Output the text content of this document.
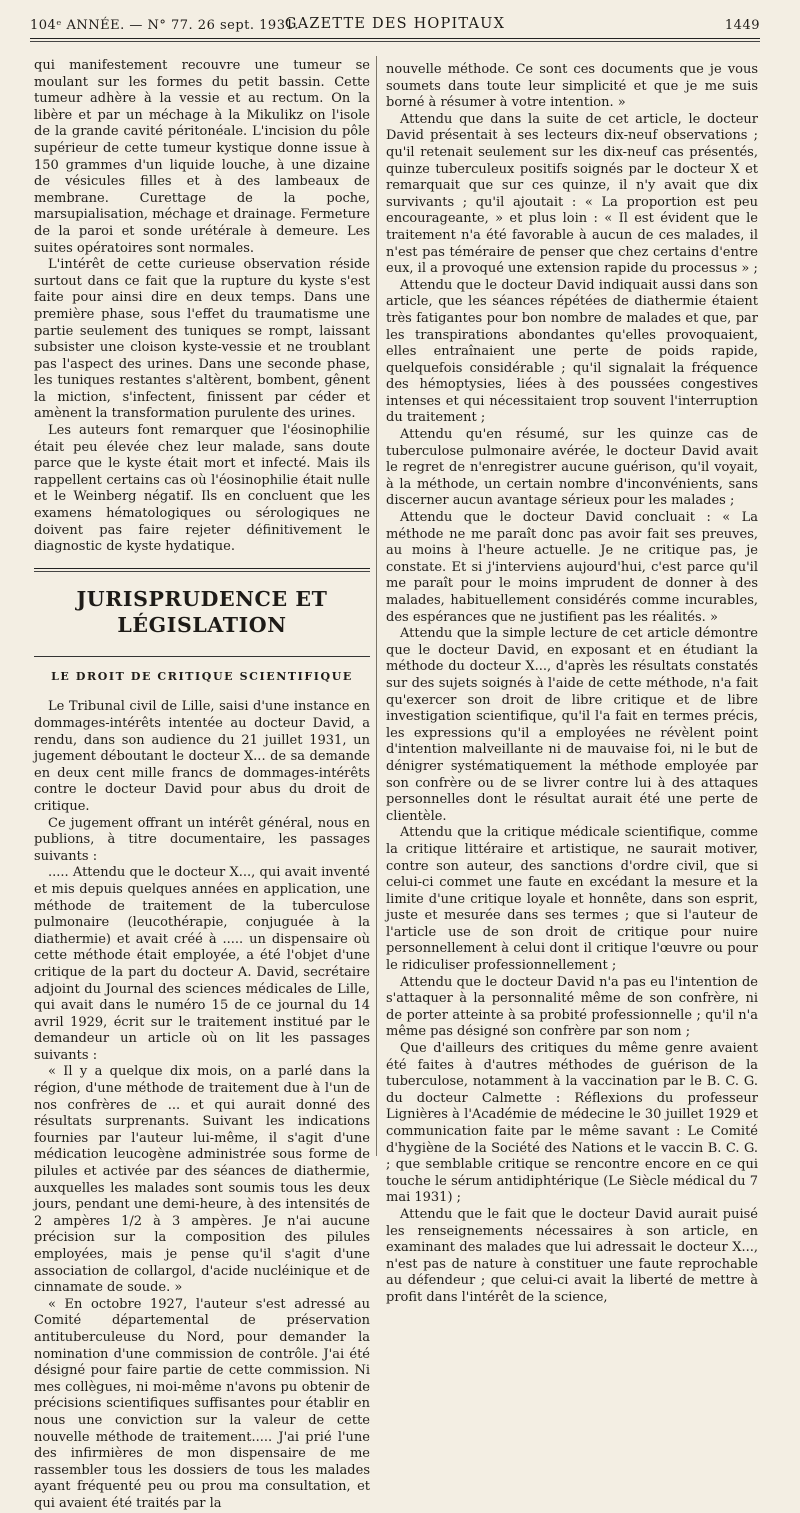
104ᵉ ANNÉE. — N° 77. 26 sept. 1931.
GAZETTE DES HOPITAUX	1449

qui manifestement recouvre une tumeur se moulant sur les formes du petit bassin. Cette tumeur adhère à la vessie et au rectum. On la libère et par un méchage à la Mikulikz on l'isole de la grande cavité péritonéale. L'incision du pôle supérieur de cette tumeur kystique donne issue à 150 grammes d'un liquide louche, à une dizaine de vésicules filles et à des lambeaux de membrane. Curettage de la poche, marsupialisation, méchage et drainage. Fermeture de la paroi et sonde urétérale à demeure. Les suites opératoires sont normales.

L'intérêt de cette curieuse observation réside surtout dans ce fait que la rupture du kyste s'est faite pour ainsi dire en deux temps. Dans une première phase, sous l'effet du traumatisme une partie seulement des tuniques se rompt, laissant subsister une cloison kyste-vessie et ne troublant pas l'aspect des urines. Dans une seconde phase, les tuniques restantes s'altèrent, bombent, gênent la miction, s'infectent, finissent par céder et amènent la transformation purulente des urines.

Les auteurs font remarquer que l'éosinophilie était peu élevée chez leur malade, sans doute parce que le kyste était mort et infecté. Mais ils rappellent certains cas où l'éosinophilie était nulle et le Weinberg négatif. Ils en concluent que les examens hématologiques ou sérologiques ne doivent pas faire rejeter définitivement le diagnostic de kyste hydatique.

JURISPRUDENCE ET LÉGISLATION
LE DROIT DE CRITIQUE SCIENTIFIQUE

Le Tribunal civil de Lille, saisi d'une instance en dommages-intérêts intentée au docteur David, a rendu, dans son audience du 21 juillet 1931, un jugement déboutant le docteur X... de sa demande en deux cent mille francs de dommages-intérêts contre le docteur David pour abus du droit de critique.

Ce jugement offrant un intérêt général, nous en publions, à titre documentaire, les passages suivants :

..... Attendu que le docteur X..., qui avait inventé et mis depuis quelques années en application, une méthode de traitement de la tuberculose pulmonaire (leucothérapie, conjuguée à la diathermie) et avait créé à ..... un dispensaire où cette méthode était employée, a été l'objet d'une critique de la part du docteur A. David, secrétaire adjoint du Journal des sciences médicales de Lille, qui avait dans le numéro 15 de ce journal du 14 avril 1929, écrit sur le traitement institué par le demandeur un article où on lit les passages suivants :

« Il y a quelque dix mois, on a parlé dans la région, d'une méthode de traitement due à l'un de nos confrères de ... et qui aurait donné des résultats surprenants. Suivant les indications fournies par l'auteur lui-même, il s'agit d'une médication leucogène administrée sous forme de pilules et activée par des séances de diathermie, auxquelles les malades sont soumis tous les deux jours, pendant une demi-heure, à des intensités de 2 ampères 1/2 à 3 ampères. Je n'ai aucune précision sur la composition des pilules employées, mais je pense qu'il s'agit d'une association de collargol, d'acide nucléinique et de cinnamate de soude. »

« En octobre 1927, l'auteur s'est adressé au Comité départemental de préservation antituberculeuse du Nord, pour demander la nomination d'une commission de contrôle. J'ai été désigné pour faire partie de cette commission. Ni mes collègues, ni moi-même n'avons pu obtenir de précisions scientifiques suffisantes pour établir en nous une conviction sur la valeur de cette nouvelle méthode de traitement..... J'ai prié l'une des infirmières de mon dispensaire de me rassembler tous les dossiers de tous les malades ayant fréquenté peu ou prou ma consultation, et qui avaient été traités par la

nouvelle méthode. Ce sont ces documents que je vous soumets dans toute leur simplicité et que je me suis borné à résumer à votre intention. »

Attendu que dans la suite de cet article, le docteur David présentait à ses lecteurs dix-neuf observations ; qu'il retenait seulement sur les dix-neuf cas présentés, quinze tuberculeux positifs soignés par le docteur X et remarquait que sur ces quinze, il n'y avait que dix survivants ; qu'il ajoutait : « La proportion est peu encourageante, » et plus loin : « Il est évident que le traitement n'a été favorable à aucun de ces malades, il n'est pas téméraire de penser que chez certains d'entre eux, il a provoqué une extension rapide du processus » ;

Attendu que le docteur David indiquait aussi dans son article, que les séances répétées de diathermie étaient très fatigantes pour bon nombre de malades et que, par les transpirations abondantes qu'elles provoquaient, elles entraînaient une perte de poids rapide, quelquefois considérable ; qu'il signalait la fréquence des hémoptysies, liées à des poussées congestives intenses et qui nécessitaient trop souvent l'interruption du traitement ;

Attendu qu'en résumé, sur les quinze cas de tuberculose pulmonaire avérée, le docteur David avait le regret de n'enregistrer aucune guérison, qu'il voyait, à la méthode, un certain nombre d'inconvénients, sans discerner aucun avantage sérieux pour les malades ;

Attendu que le docteur David concluait : « La méthode ne me paraît donc pas avoir fait ses preuves, au moins à l'heure actuelle. Je ne critique pas, je constate. Et si j'interviens aujourd'hui, c'est parce qu'il me paraît pour le moins imprudent de donner à des malades, habituellement considérés comme incurables, des espérances que ne justifient pas les réalités. »

Attendu que la simple lecture de cet article démontre que le docteur David, en exposant et en étudiant la méthode du docteur X..., d'après les résultats constatés sur des sujets soignés à l'aide de cette méthode, n'a fait qu'exercer son droit de libre critique et de libre investigation scientifique, qu'il l'a fait en termes précis, les expressions qu'il a employées ne révèlent point d'intention malveillante ni de mauvaise foi, ni le but de dénigrer systématiquement la méthode employée par son confrère ou de se livrer contre lui à des attaques personnelles dont le résultat aurait été une perte de clientèle.

Attendu que la critique médicale scientifique, comme la critique littéraire et artistique, ne saurait motiver, contre son auteur, des sanctions d'ordre civil, que si celui-ci commet une faute en excédant la mesure et la limite d'une critique loyale et honnête, dans son esprit, juste et mesurée dans ses termes ; que si l'auteur de l'article use de son droit de critique pour nuire personnellement à celui dont il critique l'œuvre ou pour le ridiculiser professionnellement ;

Attendu que le docteur David n'a pas eu l'intention de s'attaquer à la personnalité même de son confrère, ni de porter atteinte à sa probité professionnelle ; qu'il n'a même pas désigné son confrère par son nom ;

Que d'ailleurs des critiques du même genre avaient été faites à d'autres méthodes de guérison de la tuberculose, notamment à la vaccination par le B. C. G. du docteur Calmette : Réflexions du professeur Lignières à l'Académie de médecine le 30 juillet 1929 et communication faite par le même savant : Le Comité d'hygiène de la Société des Nations et le vaccin B. C. G. ; que semblable critique se rencontre encore en ce qui touche le sérum antidiphtérique (Le Siècle médical du 7 mai 1931) ;

Attendu que le fait que le docteur David aurait puisé les renseignements nécessaires à son article, en examinant des malades que lui adressait le docteur X..., n'est pas de nature à constituer une faute reprochable au défendeur ; que celui-ci avait la liberté de mettre à profit dans l'intérêt de la science,
